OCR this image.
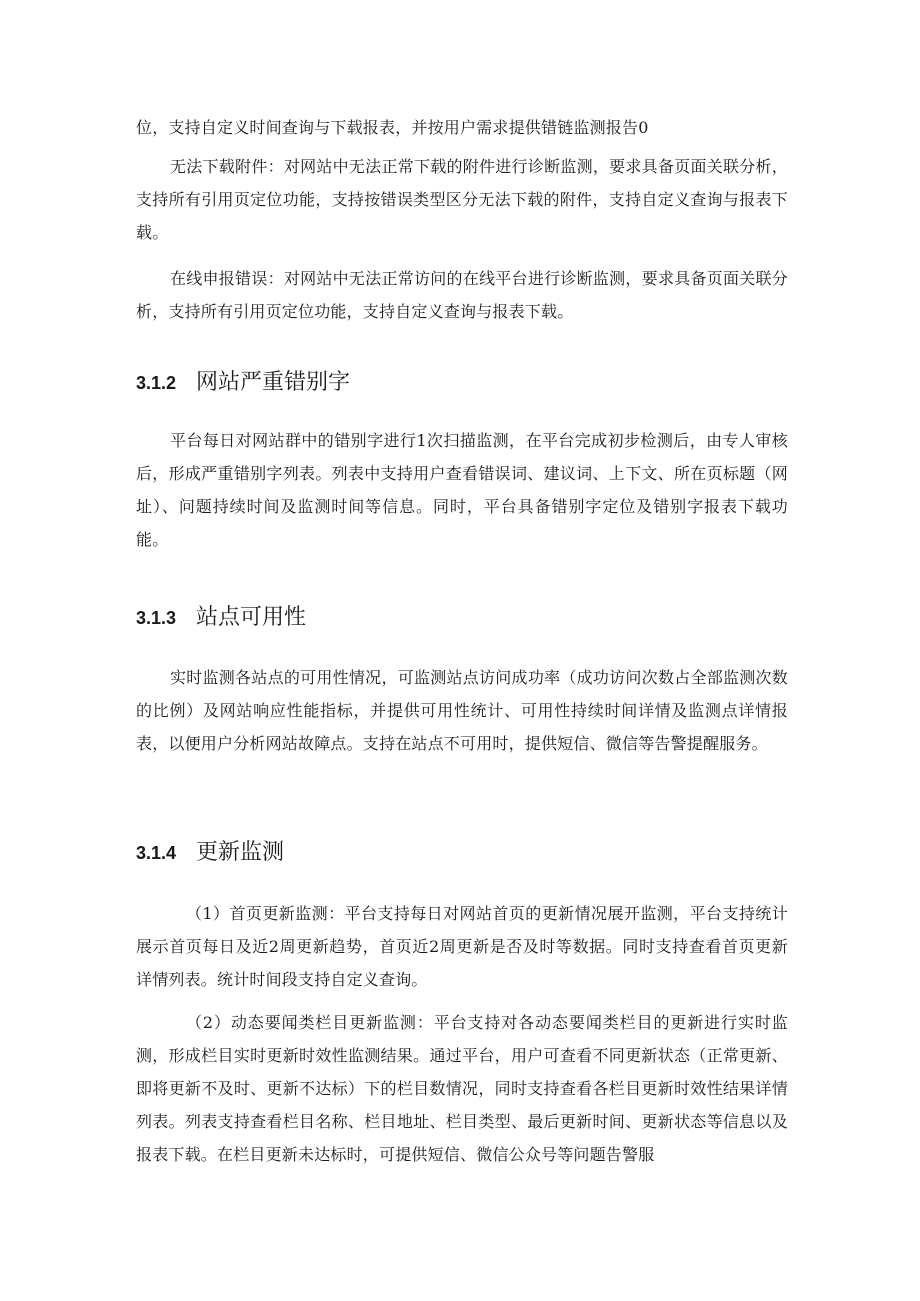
位，支持自定义时间查询与下载报表，并按用户需求提供错链监测报告0

无法下载附件：对网站中无法正常下载的附件进行诊断监测，要求具备页面关联分析，支持所有引用页定位功能，支持按错误类型区分无法下载的附件，支持自定义查询与报表下载。

在线申报错误：对网站中无法正常访问的在线平台进行诊断监测，要求具备页面关联分析，支持所有引用页定位功能，支持自定义查询与报表下载。

3.1.2 网站严重错别字

平台每日对网站群中的错别字进行1次扫描监测，在平台完成初步检测后，由专人审核后，形成严重错别字列表。列表中支持用户查看错误词、建议词、上下文、所在页标题（网址）、问题持续时间及监测时间等信息。同时，平台具备错别字定位及错别字报表下载功能。

3.1.3 站点可用性

实时监测各站点的可用性情况，可监测站点访问成功率（成功访问次数占全部监测次数的比例）及网站响应性能指标，并提供可用性统计、可用性持续时间详情及监测点详情报表，以便用户分析网站故障点。支持在站点不可用时，提供短信、微信等告警提醒服务。

3.1.4 更新监测

（1）首页更新监测：平台支持每日对网站首页的更新情况展开监测，平台支持统计展示首页每日及近2周更新趋势，首页近2周更新是否及时等数据。同时支持查看首页更新详情列表。统计时间段支持自定义查询。

（2）动态要闻类栏目更新监测：平台支持对各动态要闻类栏目的更新进行实时监测，形成栏目实时更新时效性监测结果。通过平台，用户可查看不同更新状态（正常更新、即将更新不及时、更新不达标）下的栏目数情况，同时支持查看各栏目更新时效性结果详情列表。列表支持查看栏目名称、栏目地址、栏目类型、最后更新时间、更新状态等信息以及报表下载。在栏目更新未达标时，可提供短信、微信公众号等问题告警服
